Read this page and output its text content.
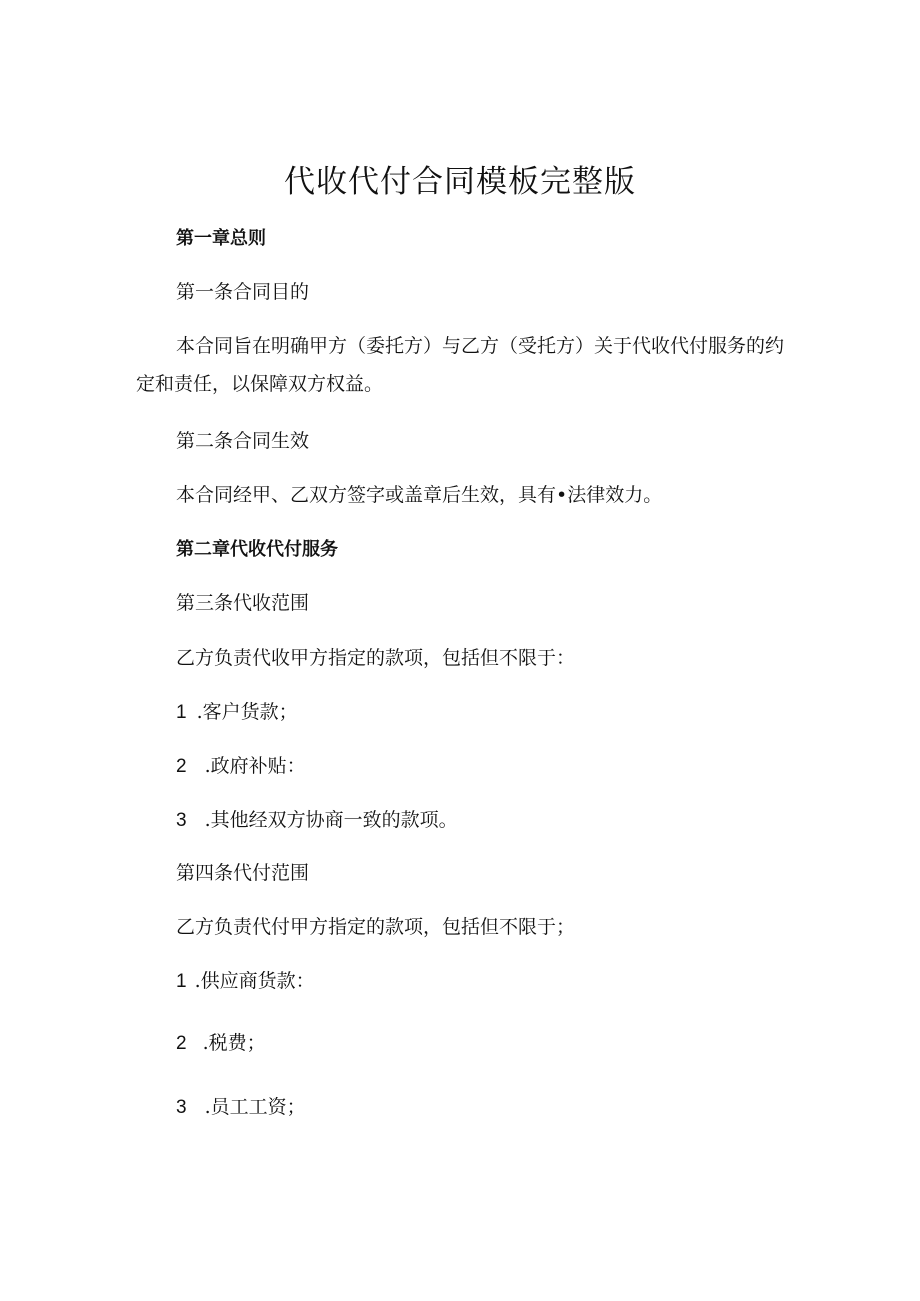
代收代付合同模板完整版

第一章总则

第一条合同目的

本合同旨在明确甲方（委托方）与乙方（受托方）关于代收代付服务的约定和责任，以保障双方权益。

第二条合同生效

本合同经甲、乙双方签字或盖章后生效，具有•法律效力。

第二章代收代付服务

第三条代收范围

乙方负责代收甲方指定的款项，包括但不限于：

1 .客户货款；

2 .政府补贴：

3 .其他经双方协商一致的款项。

第四条代付范围

乙方负责代付甲方指定的款项，包括但不限于；

1 .供应商货款：

2 .税费；

3 .员工工资；
